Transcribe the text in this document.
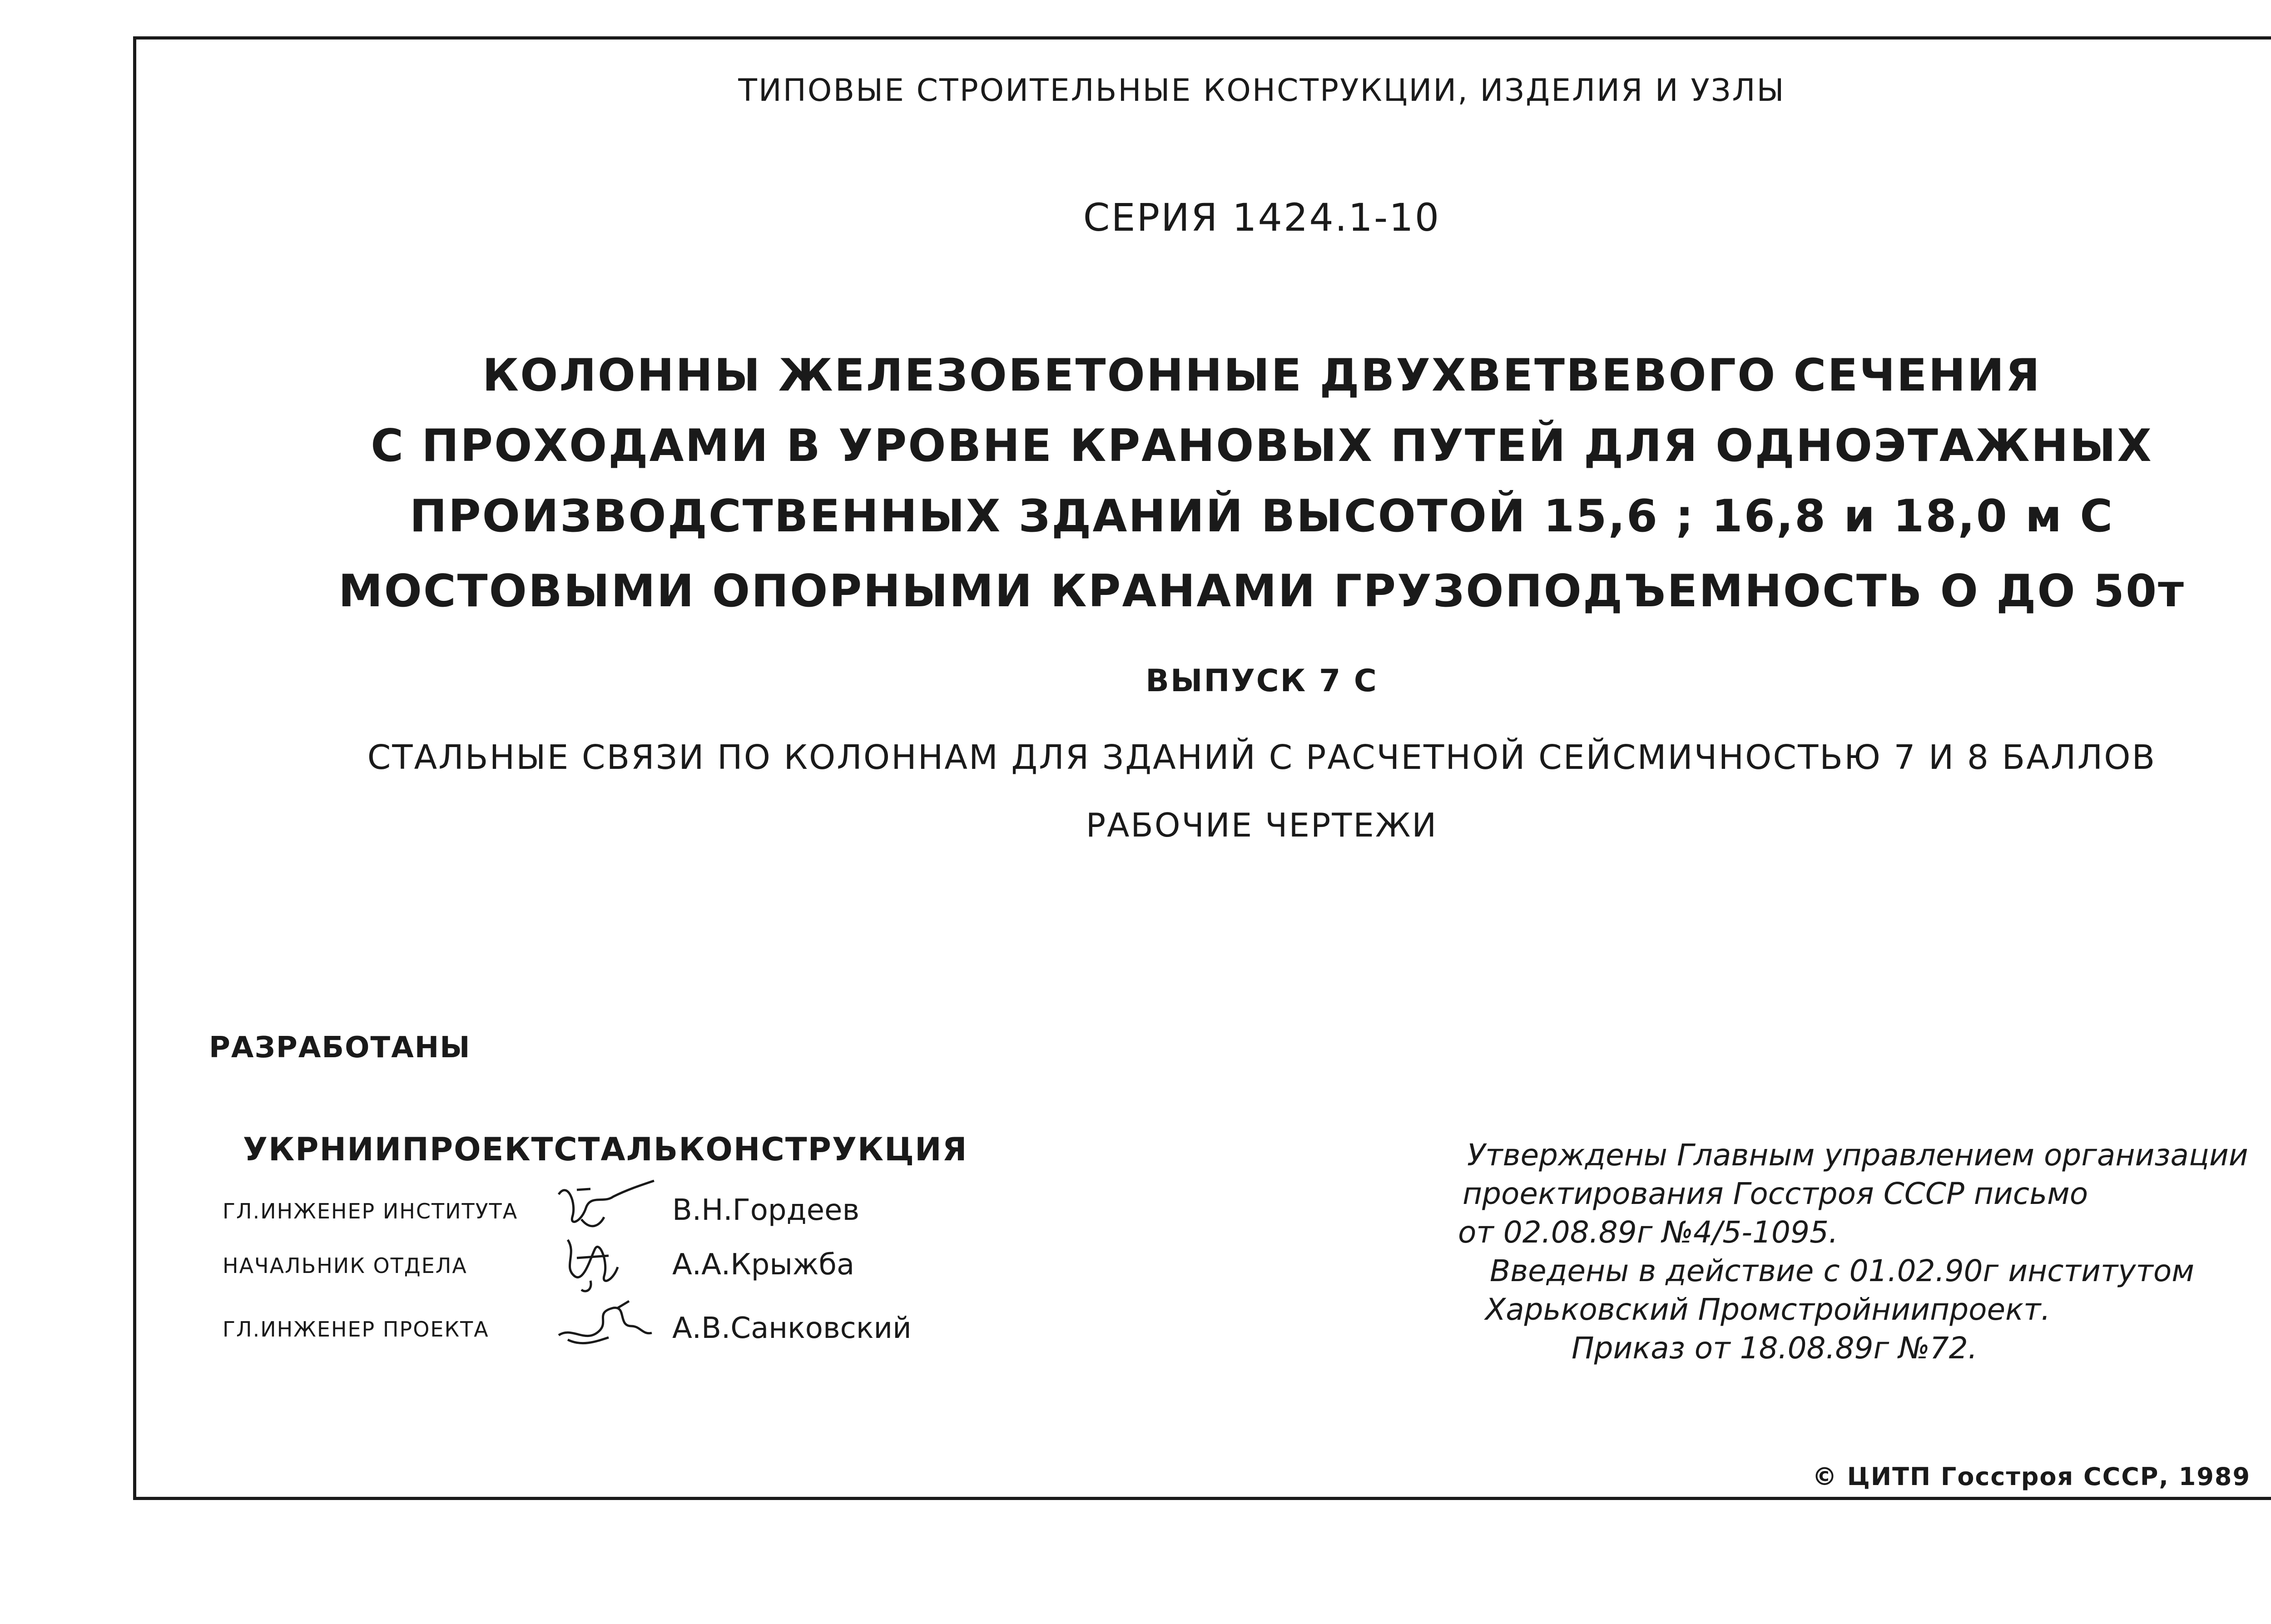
ТИПОВЫЕ СТРОИТЕЛЬНЫЕ КОНСТРУКЦИИ, ИЗДЕЛИЯ И УЗЛЫ
СЕРИЯ 1424.1-10
КОЛОННЫ ЖЕЛЕЗОБЕТОННЫЕ ДВУХВЕТВЕВОГО СЕЧЕНИЯ
С ПРОХОДАМИ В УРОВНЕ КРАНОВЫХ ПУТЕЙ ДЛЯ ОДНОЭТАЖНЫХ
ПРОИЗВОДСТВЕННЫХ ЗДАНИЙ ВЫСОТОЙ 15,6 ; 16,8 и 18,0 м С
МОСТОВЫМИ ОПОРНЫМИ КРАНАМИ ГРУЗОПОДЪЕМНОСТЬ О ДО 50т
ВЫПУСК 7 С
СТАЛЬНЫЕ СВЯЗИ ПО КОЛОННАМ ДЛЯ ЗДАНИЙ С РАСЧЕТНОЙ СЕЙСМИЧНОСТЬЮ 7 И 8 БАЛЛОВ
РАБОЧИЕ ЧЕРТЕЖИ
РАЗРАБОТАНЫ
УКРНИИПРОЕКТСТАЛЬКОНСТРУКЦИЯ
ГЛ.ИНЖЕНЕР ИНСТИТУТА	В.Н.Гордеев
НАЧАЛЬНИК ОТДЕЛА	А.А.Крыжба
ГЛ.ИНЖЕНЕР ПРОЕКТА	А.В.Санковский
Утверждены Главным управлением организации
проектирования Госстроя СССР письмо
от 02.08.89г №4/5-1095.
Введены в действие с 01.02.90г институтом
Харьковский Промстройниипроект.
Приказ от 18.08.89г №72.
© ЦИТП Госстроя СССР, 1989
